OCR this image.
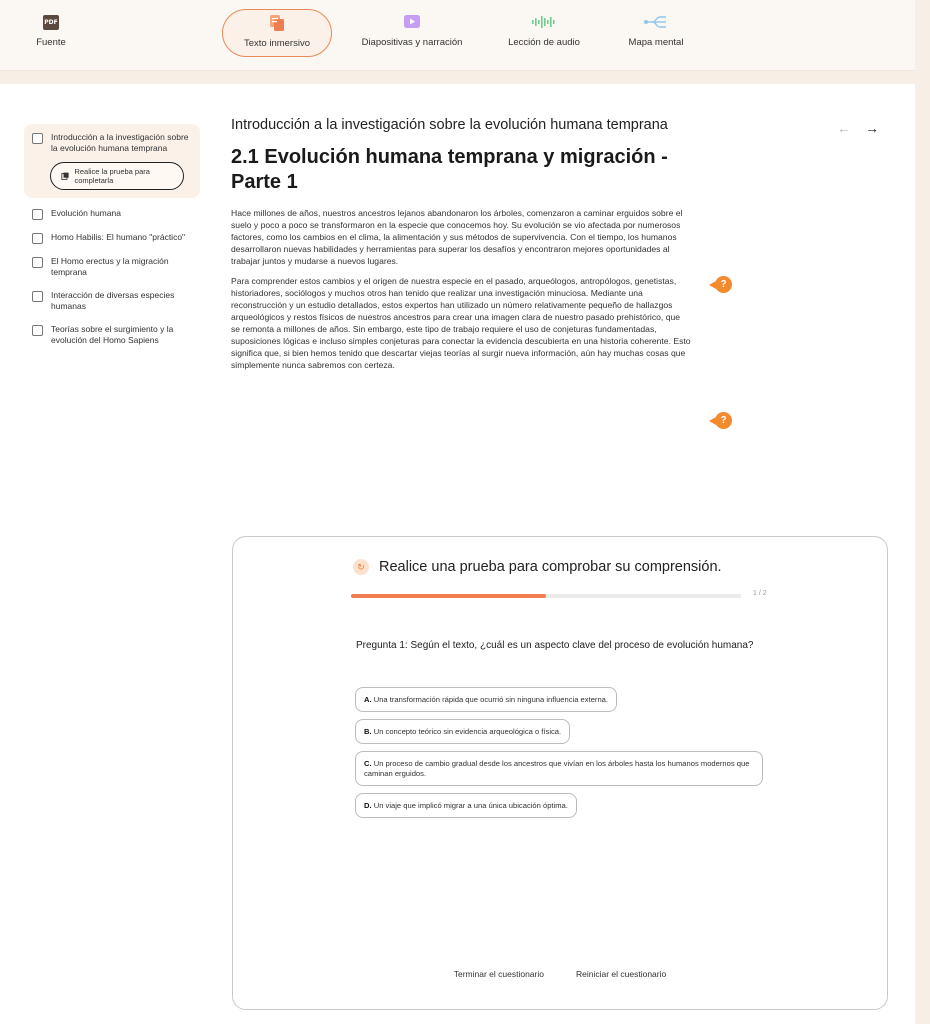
PDF
Fuente	Texto inmersivo	Diapositivas y narración	Lección de audio	Mapa mental
Introducción a la investigación sobre la evolución humana temprana
Realice la prueba para completarla
Evolución humana
Homo Habilis: El humano "práctico"
El Homo erectus y la migración temprana
Interacción de diversas especies humanas
Teorías sobre el surgimiento y la evolución del Homo Sapiens
← →
Introducción a la investigación sobre la evolución humana temprana
2.1 Evolución humana temprana y migración - Parte 1

Hace millones de años, nuestros ancestros lejanos abandonaron los árboles, comenzaron a caminar erguidos sobre el suelo y poco a poco se transformaron en la especie que conocemos hoy. Su evolución se vio afectada por numerosos factores, como los cambios en el clima, la alimentación y sus métodos de supervivencia. Con el tiempo, los humanos desarrollaron nuevas habilidades y herramientas para superar los desafíos y encontraron mejores oportunidades al trabajar juntos y mudarse a nuevos lugares.

Para comprender estos cambios y el origen de nuestra especie en el pasado, arqueólogos, antropólogos, genetistas, historiadores, sociólogos y muchos otros han tenido que realizar una investigación minuciosa. Mediante una reconstrucción y un estudio detallados, estos expertos han utilizado un número relativamente pequeño de hallazgos arqueológicos y restos físicos de nuestros ancestros para crear una imagen clara de nuestro pasado prehistórico, que se remonta a millones de años. Sin embargo, este tipo de trabajo requiere el uso de conjeturas fundamentadas, suposiciones lógicas e incluso simples conjeturas para conectar la evidencia descubierta en una historia coherente. Esto significa que, si bien hemos tenido que descartar viejas teorías al surgir nueva información, aún hay muchas cosas que simplemente nunca sabremos con certeza.

?
?
↻ Realice una prueba para comprobar su comprensión.
1 / 2
Pregunta 1: Según el texto, ¿cuál es un aspecto clave del proceso de evolución humana?
A. Una transformación rápida que ocurrió sin ninguna influencia externa.
B. Un concepto teórico sin evidencia arqueológica o física.
C. Un proceso de cambio gradual desde los ancestros que vivían en los árboles hasta los humanos modernos que caminan erguidos.
D. Un viaje que implicó migrar a una única ubicación óptima.
Terminar el cuestionario	Reiniciar el cuestionario
